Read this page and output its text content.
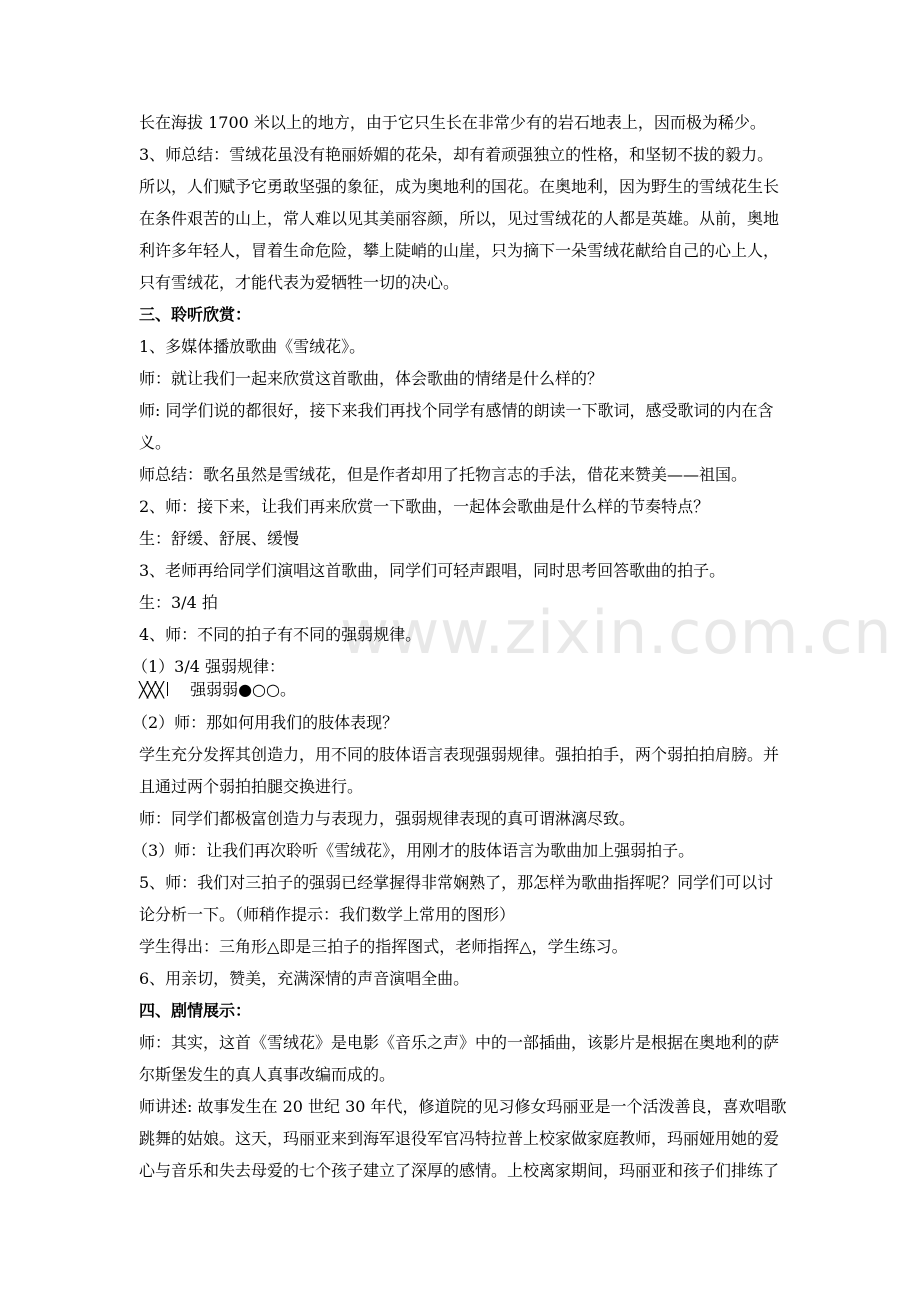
www.zixin.com.cn
长在海拔 1700 米以上的地方，由于它只生长在非常少有的岩石地表上，因而极为稀少。
3、师总结：雪绒花虽没有艳丽娇媚的花朵，却有着顽强独立的性格，和坚韧不拔的毅力。
所以，人们赋予它勇敢坚强的象征，成为奥地利的国花。在奥地利，因为野生的雪绒花生长
在条件艰苦的山上，常人难以见其美丽容颜，所以，见过雪绒花的人都是英雄。从前，奥地
利许多年轻人，冒着生命危险，攀上陡峭的山崖，只为摘下一朵雪绒花献给自己的心上人，
只有雪绒花，才能代表为爱牺牲一切的决心。
三、聆听欣赏：
1、多媒体播放歌曲《雪绒花》。
师：就让我们一起来欣赏这首歌曲，体会歌曲的情绪是什么样的？
师: 同学们说的都很好，接下来我们再找个同学有感情的朗读一下歌词，感受歌词的内在含
义。
师总结：歌名虽然是雪绒花，但是作者却用了托物言志的手法，借花来赞美——祖国。
2、师：接下来，让我们再来欣赏一下歌曲，一起体会歌曲是什么样的节奏特点？
生：舒缓、舒展、缓慢
3、老师再给同学们演唱这首歌曲，同学们可轻声跟唱，同时思考回答歌曲的拍子。
生：3/4 拍
4、师：不同的拍子有不同的强弱规律。
（1）3/4 强弱规律：
╳╳╳ 强弱弱●○○。
（2）师：那如何用我们的肢体表现？
学生充分发挥其创造力，用不同的肢体语言表现强弱规律。强拍拍手，两个弱拍拍肩膀。并
且通过两个弱拍拍腿交换进行。
师：同学们都极富创造力与表现力，强弱规律表现的真可谓淋漓尽致。
（3）师：让我们再次聆听《雪绒花》，用刚才的肢体语言为歌曲加上强弱拍子。
5、师：我们对三拍子的强弱已经掌握得非常娴熟了，那怎样为歌曲指挥呢？同学们可以讨
论分析一下。（师稍作提示：我们数学上常用的图形）
学生得出：三角形△即是三拍子的指挥图式，老师指挥△，学生练习。
6、用亲切，赞美，充满深情的声音演唱全曲。
四、剧情展示：
师：其实，这首《雪绒花》是电影《音乐之声》中的一部插曲，该影片是根据在奥地利的萨
尔斯堡发生的真人真事改编而成的。
师讲述: 故事发生在 20 世纪 30 年代，修道院的见习修女玛丽亚是一个活泼善良，喜欢唱歌
跳舞的姑娘。这天，玛丽亚来到海军退役军官冯特拉普上校家做家庭教师，玛丽娅用她的爱
心与音乐和失去母爱的七个孩子建立了深厚的感情。上校离家期间，玛丽亚和孩子们排练了
